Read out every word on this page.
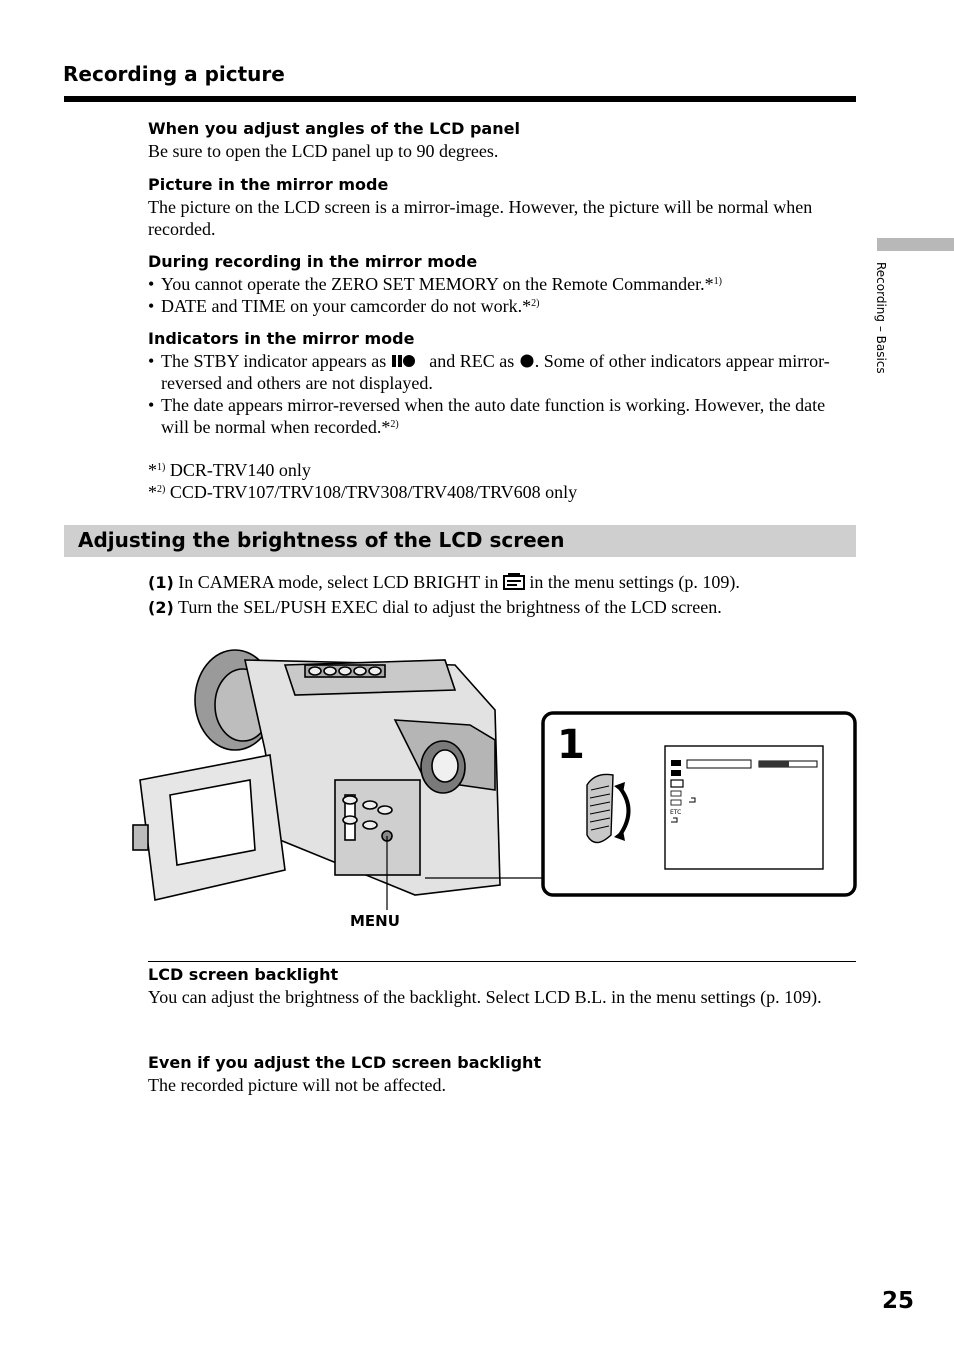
Recording a picture
Recording – Basics
When you adjust angles of the LCD panel
Be sure to open the LCD panel up to 90 degrees.
Picture in the mirror mode
The picture on the LCD screen is a mirror-image. However, the picture will be normal when recorded.
During recording in the mirror mode
• You cannot operate the ZERO SET MEMORY on the Remote Commander.*$^{1)}$
• DATE and TIME on your camcorder do not work.*$^{2)}$
Indicators in the mirror mode
• The STBY indicator appears as  and REC as . Some of other indicators appear mirror-reversed and others are not displayed.
• The date appears mirror-reversed when the auto date function is working. However, the date will be normal when recorded.*$^{2)}$
*$^{1)}$ DCR-TRV140 only
*$^{2)}$ CCD-TRV107/TRV108/TRV308/TRV408/TRV608 only
Adjusting the brightness of the LCD screen
(1) In CAMERA mode, select LCD BRIGHT in  in the menu settings (p. 109).
(2) Turn the SEL/PUSH EXEC dial to adjust the brightness of the LCD screen.
1
ETC
MENU
LCD screen backlight
You can adjust the brightness of the backlight. Select LCD B.L. in the menu settings (p. 109).
Even if you adjust the LCD screen backlight
The recorded picture will not be affected.
25
